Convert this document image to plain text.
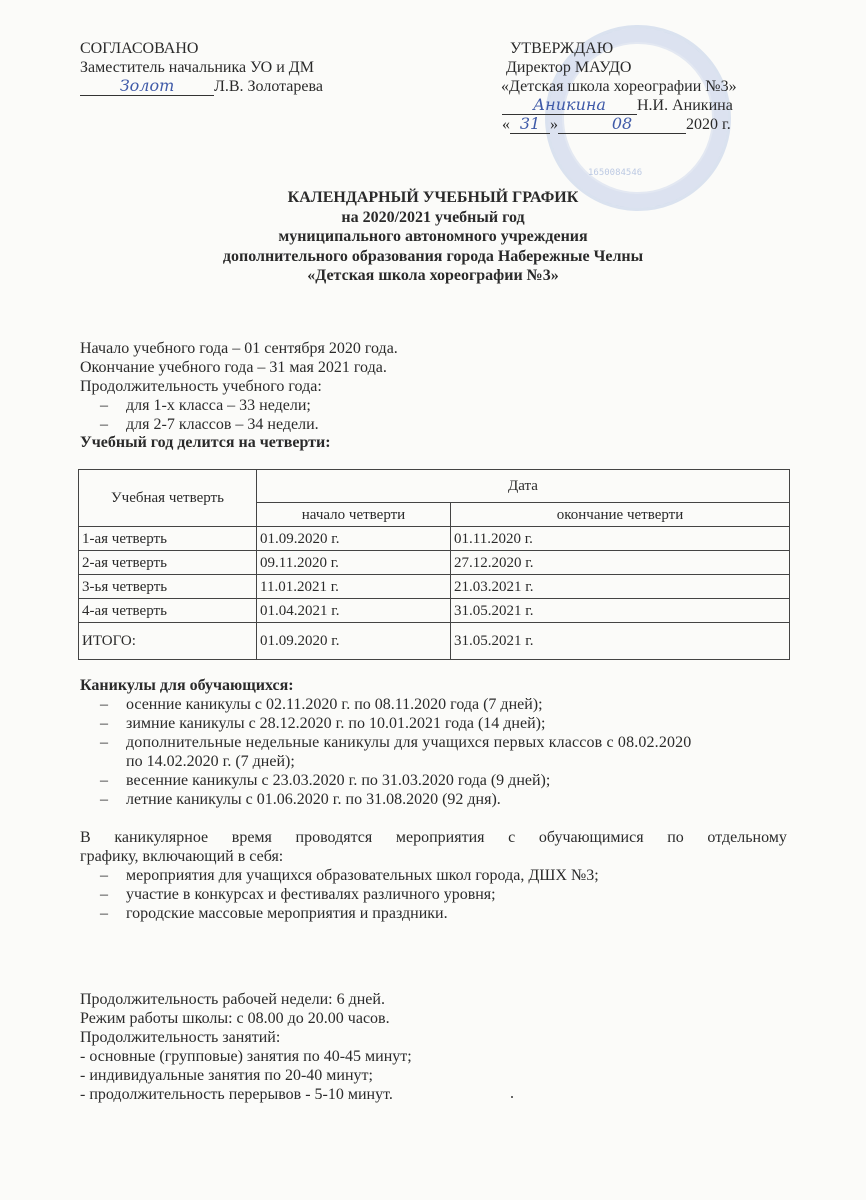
1650084546
СОГЛАСОВАНО
Заместитель начальника УО и ДМ
Золот	Л.В. Золотарева
УТВЕРЖДАЮ
Директор МАУДО
«Детская школа хореографии №3»
Аникина	Н.И. Аникина
« 31 »	08	2020 г.
КАЛЕНДАРНЫЙ УЧЕБНЫЙ ГРАФИК
на 2020/2021 учебный год
муниципального автономного учреждения
дополнительного образования города Набережные Челны
«Детская школа хореографии №3»
Начало учебного года – 01 сентября 2020 года.
Окончание учебного года – 31 мая 2021 года.
Продолжительность учебного года:
– для 1-х класса – 33 недели;
– для 2-7 классов – 34 недели.
Учебный год делится на четверти:
Учебная четверть	Дата	
	начало четверти	окончание четверти
1-ая четверть	01.09.2020 г.	01.11.2020 г.
2-ая четверть	09.11.2020 г.	27.12.2020 г.
3-ья четверть	11.01.2021 г.	21.03.2021 г.
4-ая четверть	01.04.2021 г.	31.05.2021 г.
ИТОГО:	01.09.2020 г.	31.05.2021 г.
Каникулы для обучающихся:
– осенние каникулы с 02.11.2020 г. по 08.11.2020 года (7 дней);
– зимние каникулы с 28.12.2020 г. по 10.01.2021 года (14 дней);
– дополнительные недельные каникулы для учащихся первых классов с 08.02.2020
по 14.02.2020 г. (7 дней);
– весенние каникулы с 23.03.2020 г. по 31.03.2020 года (9 дней);
– летние каникулы с 01.06.2020 г. по 31.08.2020 (92 дня).
В каникулярное время проводятся мероприятия с обучающимися по отдельному
графику, включающий в себя:
– мероприятия для учащихся образовательных школ города, ДШХ №3;
– участие в конкурсах и фестивалях различного уровня;
– городские массовые мероприятия и праздники.
Продолжительность рабочей недели: 6 дней.
Режим работы школы: с 08.00 до 20.00 часов.
Продолжительность занятий:
- основные (групповые) занятия по 40-45 минут;
- индивидуальные занятия по 20-40 минут;
- продолжительность перерывов - 5-10 минут.
